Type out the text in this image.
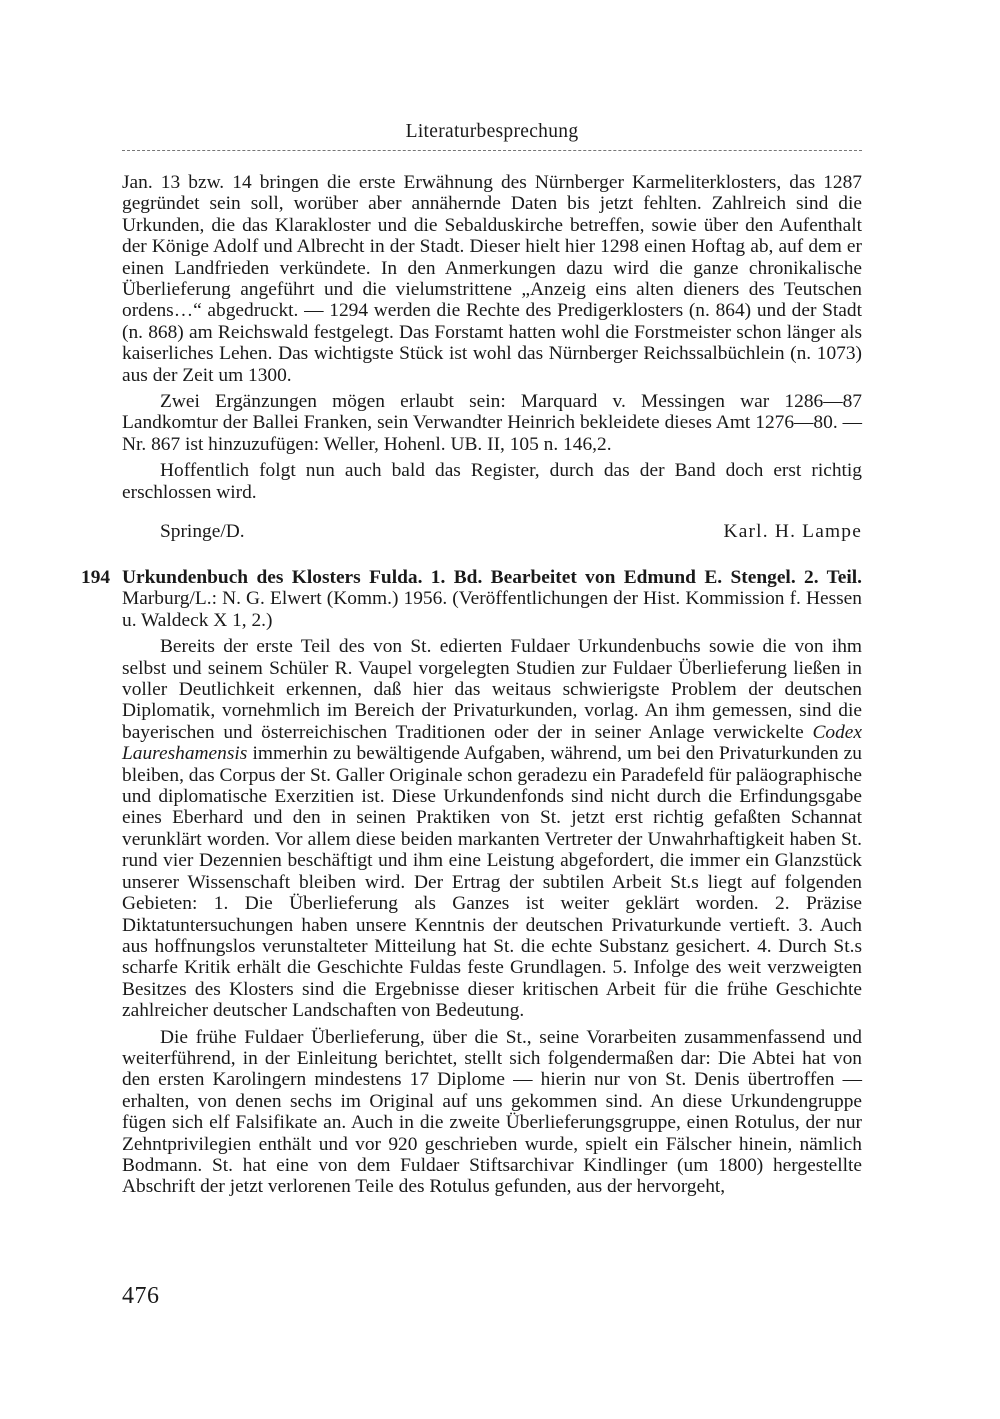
Literaturbesprechung

Jan. 13 bzw. 14 bringen die erste Erwähnung des Nürnberger Karmeliterklosters, das 1287 gegründet sein soll, worüber aber annähernde Daten bis jetzt fehlten. Zahlreich sind die Urkunden, die das Klarakloster und die Sebalduskirche betreffen, sowie über den Aufenthalt der Könige Adolf und Albrecht in der Stadt. Dieser hielt hier 1298 einen Hoftag ab, auf dem er einen Landfrieden verkündete. In den Anmerkungen dazu wird die ganze chronikalische Überlieferung angeführt und die vielumstrittene „Anzeig eins alten dieners des Teutschen ordens…“ abgedruckt. — 1294 werden die Rechte des Predigerklosters (n. 864) und der Stadt (n. 868) am Reichswald festgelegt. Das Forstamt hatten wohl die Forstmeister schon länger als kaiserliches Lehen. Das wichtigste Stück ist wohl das Nürnberger Reichssalbüchlein (n. 1073) aus der Zeit um 1300.

Zwei Ergänzungen mögen erlaubt sein: Marquard v. Messingen war 1286—87 Landkomtur der Ballei Franken, sein Verwandter Heinrich bekleidete dieses Amt 1276—80. — Nr. 867 ist hinzuzufügen: Weller, Hohenl. UB. II, 105 n. 146,2.

Hoffentlich folgt nun auch bald das Register, durch das der Band doch erst richtig erschlossen wird.

Springe/D.	Karl. H. Lampe
194 Urkundenbuch des Klosters Fulda. 1. Bd. Bearbeitet von Edmund E. Stengel. 2. Teil. Marburg/L.: N. G. Elwert (Komm.) 1956. (Veröffentlichungen der Hist. Kommission f. Hessen u. Waldeck X 1, 2.)

Bereits der erste Teil des von St. edierten Fuldaer Urkundenbuchs sowie die von ihm selbst und seinem Schüler R. Vaupel vorgelegten Studien zur Fuldaer Überlieferung ließen in voller Deutlichkeit erkennen, daß hier das weitaus schwierigste Problem der deutschen Diplomatik, vornehmlich im Bereich der Privaturkunden, vorlag. An ihm gemessen, sind die bayerischen und österreichischen Traditionen oder der in seiner Anlage verwickelte Codex Laureshamensis immerhin zu bewältigende Aufgaben, während, um bei den Privaturkunden zu bleiben, das Corpus der St. Galler Originale schon geradezu ein Paradefeld für paläographische und diplomatische Exerzitien ist. Diese Urkundenfonds sind nicht durch die Erfindungsgabe eines Eberhard und den in seinen Praktiken von St. jetzt erst richtig gefaßten Schannat verunklärt worden. Vor allem diese beiden markanten Vertreter der Unwahrhaftigkeit haben St. rund vier Dezennien beschäftigt und ihm eine Leistung abgefordert, die immer ein Glanzstück unserer Wissenschaft bleiben wird. Der Ertrag der subtilen Arbeit St.s liegt auf folgenden Gebieten: 1. Die Überlieferung als Ganzes ist weiter geklärt worden. 2. Präzise Diktatuntersuchungen haben unsere Kenntnis der deutschen Privaturkunde vertieft. 3. Auch aus hoffnungslos verunstalteter Mitteilung hat St. die echte Substanz gesichert. 4. Durch St.s scharfe Kritik erhält die Geschichte Fuldas feste Grundlagen. 5. Infolge des weit verzweigten Besitzes des Klosters sind die Ergebnisse dieser kritischen Arbeit für die frühe Geschichte zahlreicher deutscher Landschaften von Bedeutung.

Die frühe Fuldaer Überlieferung, über die St., seine Vorarbeiten zusammenfassend und weiterführend, in der Einleitung berichtet, stellt sich folgendermaßen dar: Die Abtei hat von den ersten Karolingern mindestens 17 Diplome — hierin nur von St. Denis übertroffen — erhalten, von denen sechs im Original auf uns gekommen sind. An diese Urkundengruppe fügen sich elf Falsifikate an. Auch in die zweite Überlieferungsgruppe, einen Rotulus, der nur Zehntprivilegien enthält und vor 920 geschrieben wurde, spielt ein Fälscher hinein, nämlich Bodmann. St. hat eine von dem Fuldaer Stiftsarchivar Kindlinger (um 1800) hergestellte Abschrift der jetzt verlorenen Teile des Rotulus gefunden, aus der hervorgeht,

476
